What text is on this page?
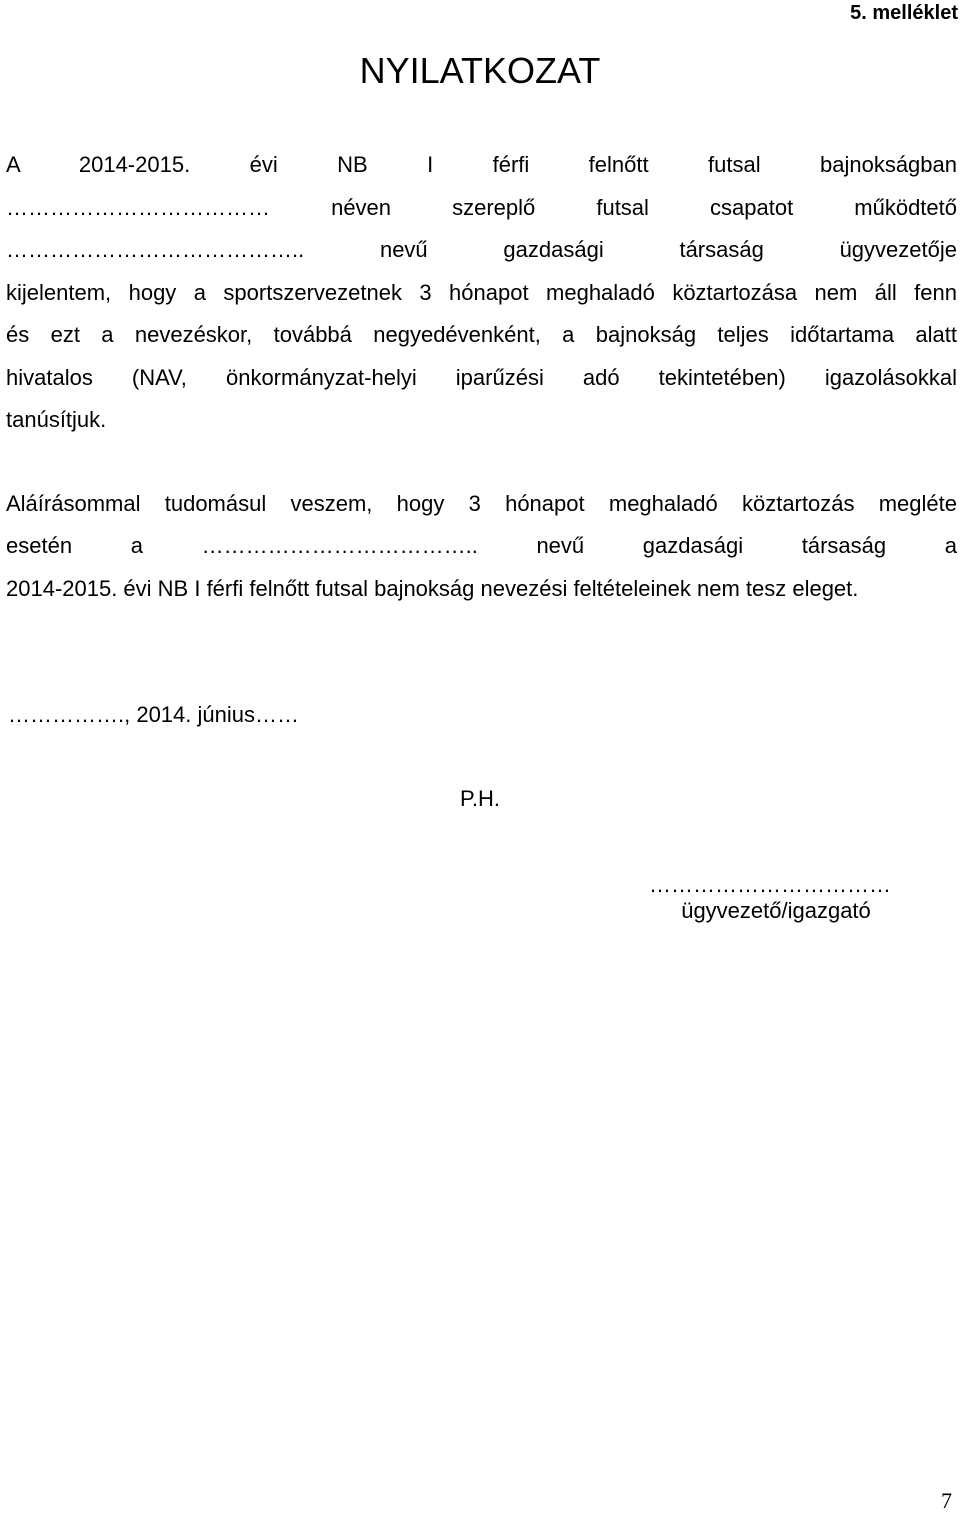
5. melléklet
NYILATKOZAT
A 2014-2015. évi NB I férfi felnőtt futsal bajnokságban
……………………………… néven szereplő futsal csapatot működtető
………………………………….. nevű gazdasági társaság ügyvezetője
kijelentem, hogy a sportszervezetnek 3 hónapot meghaladó köztartozása nem áll fenn
és ezt a nevezéskor, továbbá negyedévenként, a bajnokság teljes időtartama alatt
hivatalos (NAV, önkormányzat-helyi iparűzési adó tekintetében) igazolásokkal
tanúsítjuk.
Aláírásommal tudomásul veszem, hogy 3 hónapot meghaladó köztartozás megléte
esetén a ……………………………….. nevű gazdasági társaság a
2014-2015. évi NB I férfi felnőtt futsal bajnokság nevezési feltételeinek nem tesz eleget.
……………., 2014. június……
P.H.
……………………………
ügyvezető/igazgató
7
